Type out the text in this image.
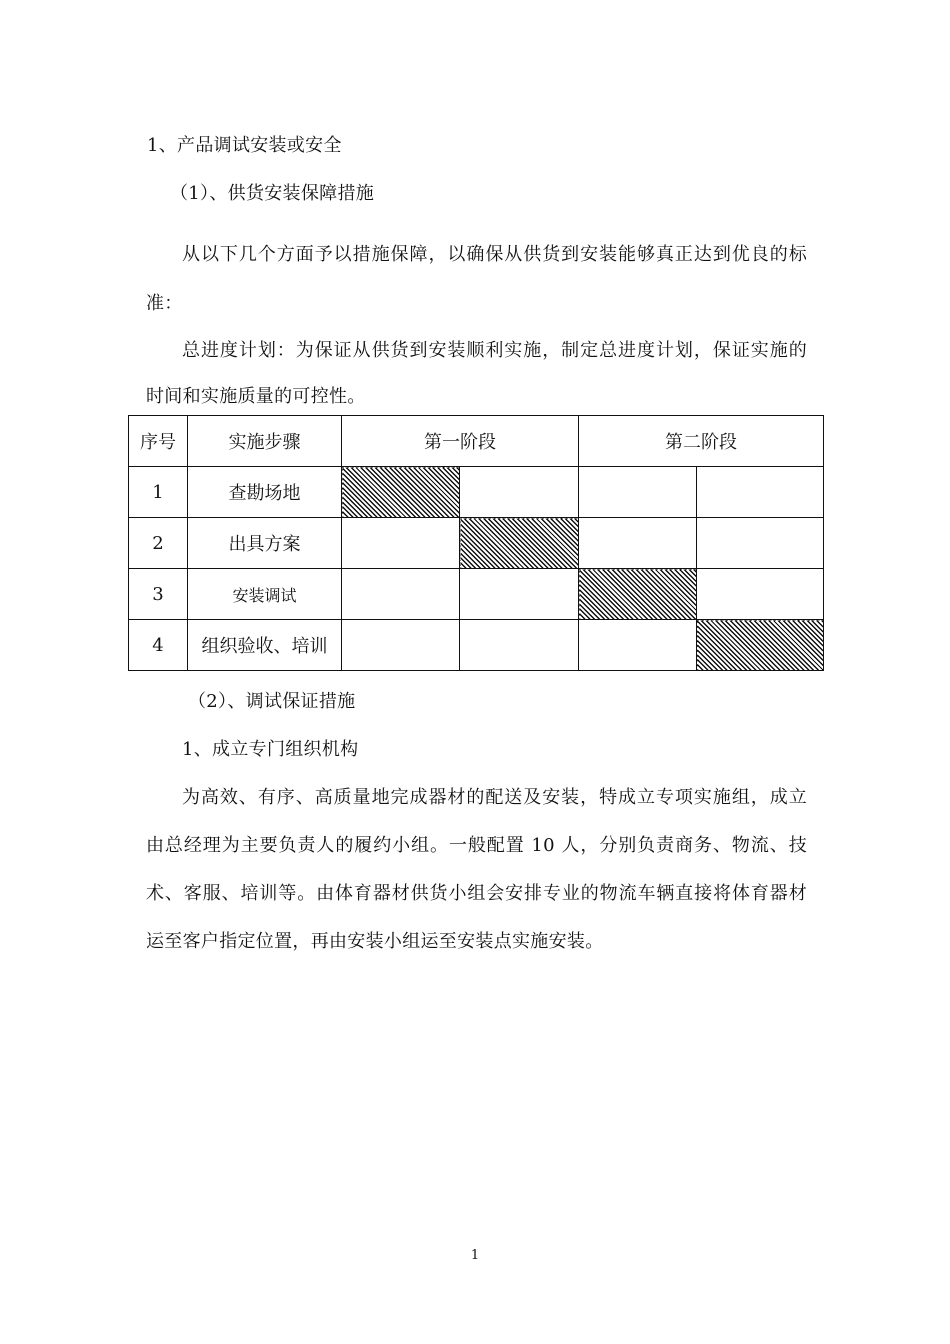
1、产品调试安装或安全
（1）、供货安装保障措施
从以下几个方面予以措施保障，以确保从供货到安装能够真正达到优良的标
准：
总进度计划：为保证从供货到安装顺利实施，制定总进度计划，保证实施的
时间和实施质量的可控性。
序号	实施步骤	第一阶段		第二阶段	
1	查勘场地				
2	出具方案				
3	安装调试				
4	组织验收、培训				
（2）、调试保证措施
1、成立专门组织机构
为高效、有序、高质量地完成器材的配送及安装，特成立专项实施组，成立
由总经理为主要负责人的履约小组。一般配置 10 人，分别负责商务、物流、技
术、客服、培训等。由体育器材供货小组会安排专业的物流车辆直接将体育器材
运至客户指定位置，再由安装小组运至安装点实施安装。
1
